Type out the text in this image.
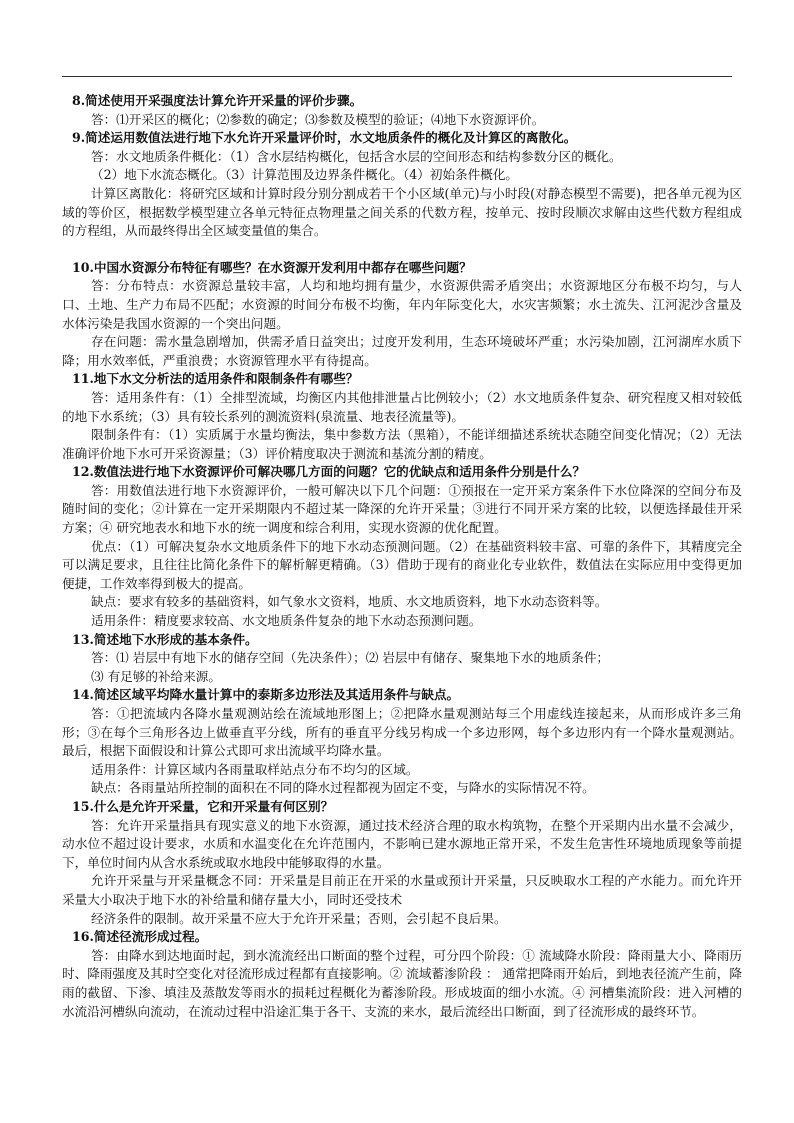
8.简述使用开采强度法计算允许开采量的评价步骤。
答：⑴开采区的概化；⑵参数的确定；⑶参数及模型的验证；⑷地下水资源评价。
9.简述运用数值法进行地下水允许开采量评价时，水文地质条件的概化及计算区的离散化。
答：水文地质条件概化：（1）含水层结构概化，包括含水层的空间形态和结构参数分区的概化。
（2）地下水流态概化。（3）计算范围及边界条件概化。（4）初始条件概化。
计算区离散化：将研究区域和计算时段分别分割成若干个小区域(单元)与小时段(对静态模型不需要)，把各单元视为区域的等价区，根据数学模型建立各单元特征点物理量之间关系的代数方程，按单元、按时段顺次求解由这些代数方程组成的方程组，从而最终得出全区域变量值的集合。
10.中国水资源分布特征有哪些？在水资源开发利用中都存在哪些问题？
答：分布特点：水资源总量较丰富，人均和地均拥有量少，水资源供需矛盾突出；水资源地区分布极不均匀，与人口、土地、生产力布局不匹配；水资源的时间分布极不均衡，年内年际变化大，水灾害频繁；水土流失、江河泥沙含量及水体污染是我国水资源的一个突出问题。
存在问题：需水量急剧增加，供需矛盾日益突出；过度开发利用，生态环境破坏严重；水污染加剧，江河湖库水质下降；用水效率低，严重浪费；水资源管理水平有待提高。
11.地下水文分析法的适用条件和限制条件有哪些？
答：适用条件有：（1）全排型流域，均衡区内其他排泄量占比例较小；（2）水文地质条件复杂、研究程度又相对较低的地下水系统；（3）具有较长系列的测流资料(泉流量、地表径流量等)。
限制条件有：（1）实质属于水量均衡法，集中参数方法（黑箱），不能详细描述系统状态随空间变化情况；（2）无法准确评价地下水可开采资源量；（3）评价精度取决于测流和基流分割的精度。
12.数值法进行地下水资源评价可解决哪几方面的问题？它的优缺点和适用条件分别是什么？
答：用数值法进行地下水资源评价，一般可解决以下几个问题：①预报在一定开采方案条件下水位降深的空间分布及随时间的变化；②计算在一定开采期限内不超过某一降深的允许开采量；③进行不同开采方案的比较，以便选择最佳开采方案；④ 研究地表水和地下水的统一调度和综合利用，实现水资源的优化配置。
优点：（1）可解决复杂水文地质条件下的地下水动态预测问题。（2）在基础资料较丰富、可靠的条件下，其精度完全可以满足要求，且往往比简化条件下的解析解更精确。（3）借助于现有的商业化专业软件，数值法在实际应用中变得更加便捷，工作效率得到极大的提高。
缺点：要求有较多的基础资料，如气象水文资料，地质、水文地质资料，地下水动态资料等。
适用条件：精度要求较高、水文地质条件复杂的地下水动态预测问题。
13.简述地下水形成的基本条件。
答：⑴ 岩层中有地下水的储存空间（先决条件）；⑵ 岩层中有储存、聚集地下水的地质条件；
⑶ 有足够的补给来源。
14.简述区域平均降水量计算中的泰斯多边形法及其适用条件与缺点。
答：①把流域内各降水量观测站绘在流域地形图上；②把降水量观测站每三个用虚线连接起来，从而形成许多三角形；③在每个三角形各边上做垂直平分线，所有的垂直平分线另构成一个多边形网，每个多边形内有一个降水量观测站。最后，根据下面假设和计算公式即可求出流域平均降水量。
适用条件：计算区域内各雨量取样站点分布不均匀的区域。
缺点：各雨量站所控制的面积在不同的降水过程都视为固定不变，与降水的实际情况不符。
15.什么是允许开采量，它和开采量有何区别？
答：允许开采量指具有现实意义的地下水资源，通过技术经济合理的取水构筑物，在整个开采期内出水量不会减少，动水位不超过设计要求，水质和水温变化在允许范围内，不影响已建水源地正常开采，不发生危害性环境地质现象等前提下，单位时间内从含水系统或取水地段中能够取得的水量。
允许开采量与开采量概念不同：开采量是目前正在开采的水量或预计开采量，只反映取水工程的产水能力。而允许开采量大小取决于地下水的补给量和储存量大小，同时还受技术
经济条件的限制。故开采量不应大于允许开采量；否则，会引起不良后果。
16.简述径流形成过程。
答：由降水到达地面时起，到水流流经出口断面的整个过程，可分四个阶段：① 流域降水阶段：降雨量大小、降雨历时、降雨强度及其时空变化对径流形成过程都有直接影响。② 流域蓄渗阶段 ： 通常把降雨开始后，到地表径流产生前，降雨的截留、下渗、填洼及蒸散发等雨水的损耗过程概化为蓄渗阶段。形成坡面的细小水流。④ 河槽集流阶段：进入河槽的水流沿河槽纵向流动，在流动过程中沿途汇集于各干、支流的来水，最后流经出口断面，到了径流形成的最终环节。
